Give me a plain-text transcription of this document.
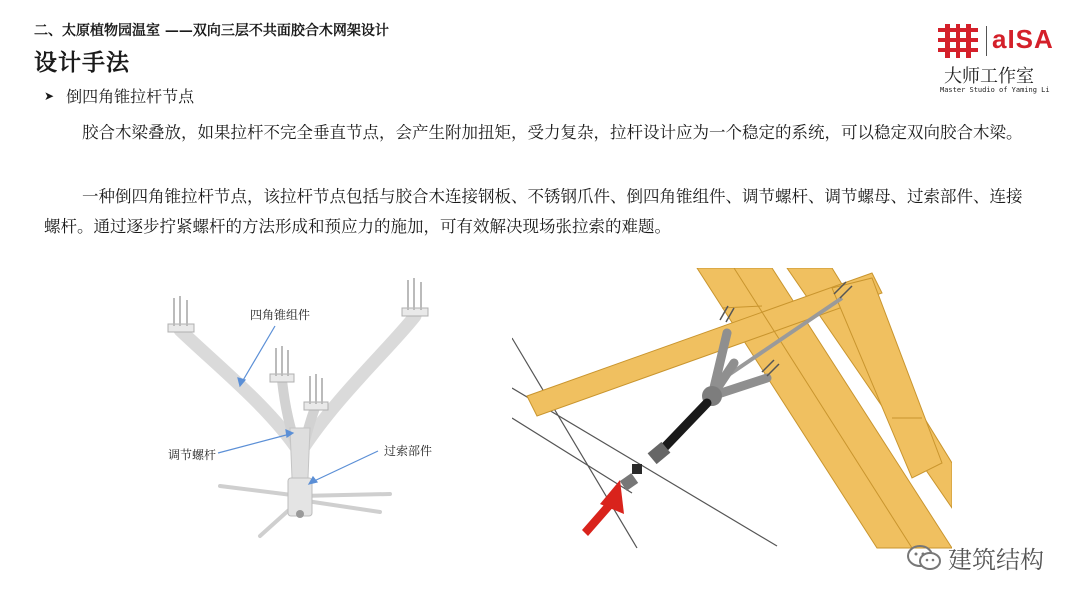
二、太原植物园温室 ——双向三层不共面胶合木网架设计
设计手法
aISA
大师工作室
Master Studio of Yaming Li
➤ 倒四角锥拉杆节点
胶合木梁叠放，如果拉杆不完全垂直节点，会产生附加扭矩，受力复杂，拉杆设计应为一个稳定的系统，可以稳定双向胶合木梁。
一种倒四角锥拉杆节点，该拉杆节点包括与胶合木连接钢板、不锈钢爪件、倒四角锥组件、调节螺杆、调节螺母、过索部件、连接螺杆。通过逐步拧紧螺杆的方法形成和预应力的施加，可有效解决现场张拉索的难题。
四角锥组件
调节螺杆	过索部件
建筑结构
